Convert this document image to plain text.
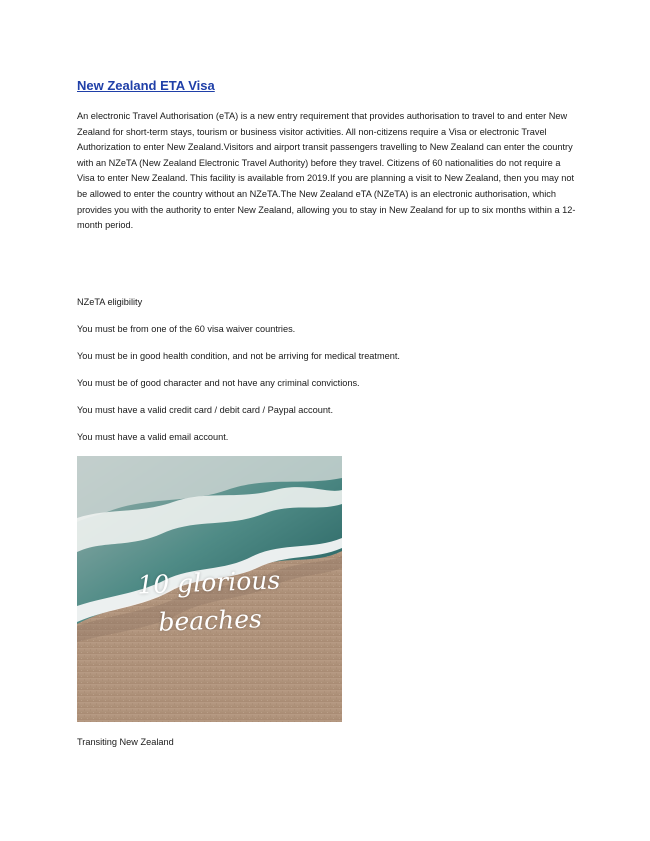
New Zealand ETA Visa

An electronic Travel Authorisation (eTA) is a new entry requirement that provides authorisation to travel to and enter New Zealand for short-term stays, tourism or business visitor activities. All non-citizens require a Visa or electronic Travel Authorization to enter New Zealand.Visitors and airport transit passengers travelling to New Zealand can enter the country with an NZeTA (New Zealand Electronic Travel Authority) before they travel. Citizens of 60 nationalities do not require a Visa to enter New Zealand. This facility is available from 2019.If you are planning a visit to New Zealand, then you may not be allowed to enter the country without an NZeTA.The New Zealand eTA (NZeTA) is an electronic authorisation, which provides you with the authority to enter New Zealand, allowing you to stay in New Zealand for up to six months within a 12-month period.

NZeTA eligibility

You must be from one of the 60 visa waiver countries.

You must be in good health condition, and not be arriving for medical treatment.

You must be of good character and not have any criminal convictions.

You must have a valid credit card / debit card / Paypal account.

You must have a valid email account.

10 glorious
beaches

Transiting New Zealand
